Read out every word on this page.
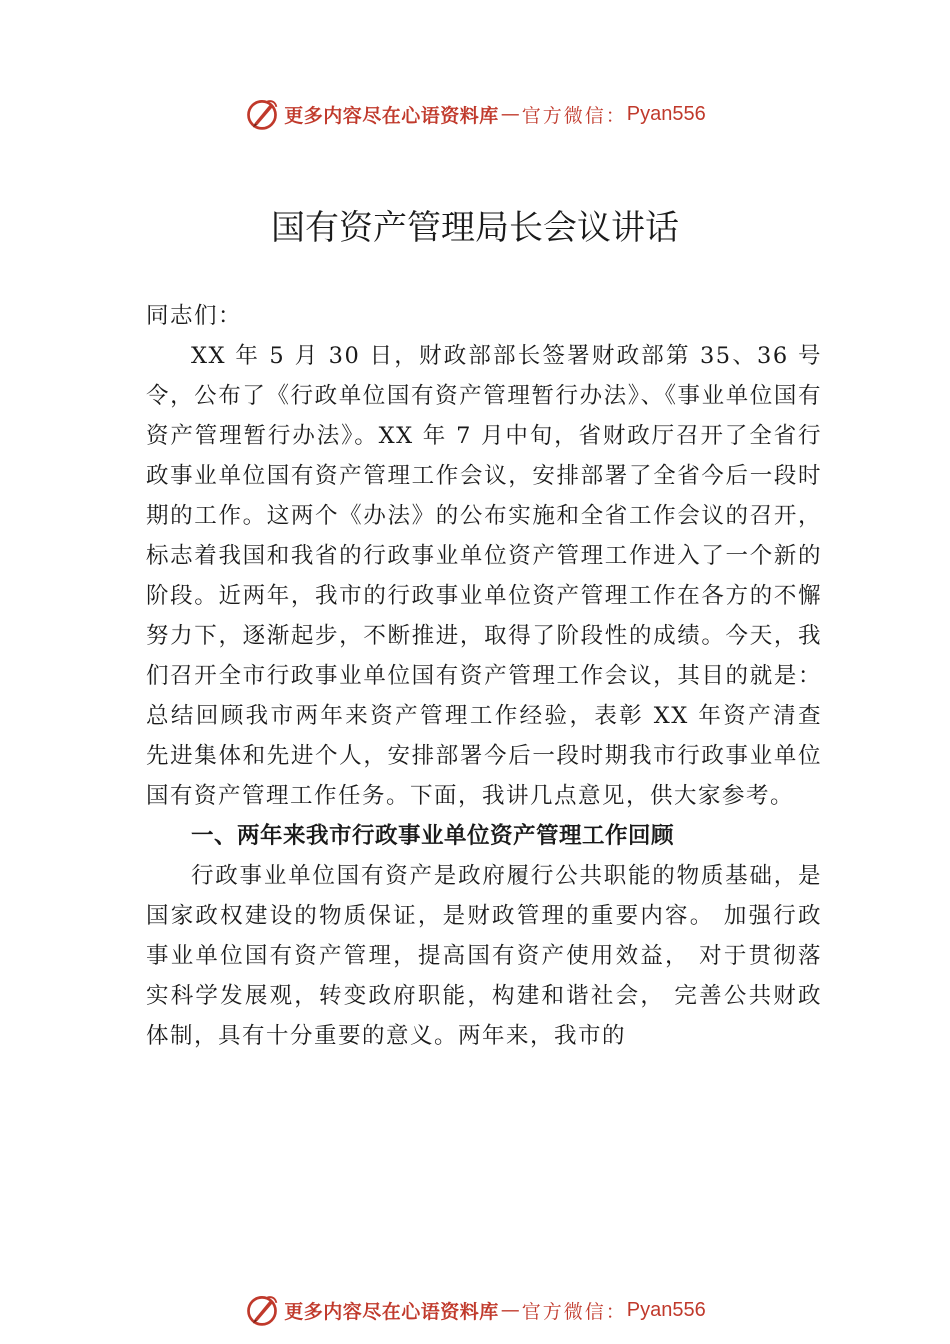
更多内容尽在心语资料库 — 官方微信： Pyan556
国有资产管理局长会议讲话

同志们：

XX 年 5 月 30 日，财政部部长签署财政部第 35、36 号令，公布了《行政单位国有资产管理暂行办法》、《事业单位国有资产管理暂行办法》。XX 年 7 月中旬，省财政厅召开了全省行政事业单位国有资产管理工作会议，安排部署了全省今后一段时期的工作。这两个《办法》的公布实施和全省工作会议的召开，标志着我国和我省的行政事业单位资产管理工作进入了一个新的阶段。近两年，我市的行政事业单位资产管理工作在各方的不懈努力下，逐渐起步，不断推进，取得了阶段性的成绩。今天，我们召开全市行政事业单位国有资产管理工作会议，其目的就是：总结回顾我市两年来资产管理工作经验，表彰 XX 年资产清查先进集体和先进个人，安排部署今后一段时期我市行政事业单位国有资产管理工作任务。下面，我讲几点意见，供大家参考。

一、两年来我市行政事业单位资产管理工作回顾

行政事业单位国有资产是政府履行公共职能的物质基础，是国家政权建设的物质保证，是财政管理的重要内容。 加强行政事业单位国有资产管理，提高国有资产使用效益， 对于贯彻落实科学发展观，转变政府职能，构建和谐社会， 完善公共财政体制，具有十分重要的意义。两年来，我市的

更多内容尽在心语资料库 — 官方微信： Pyan556
